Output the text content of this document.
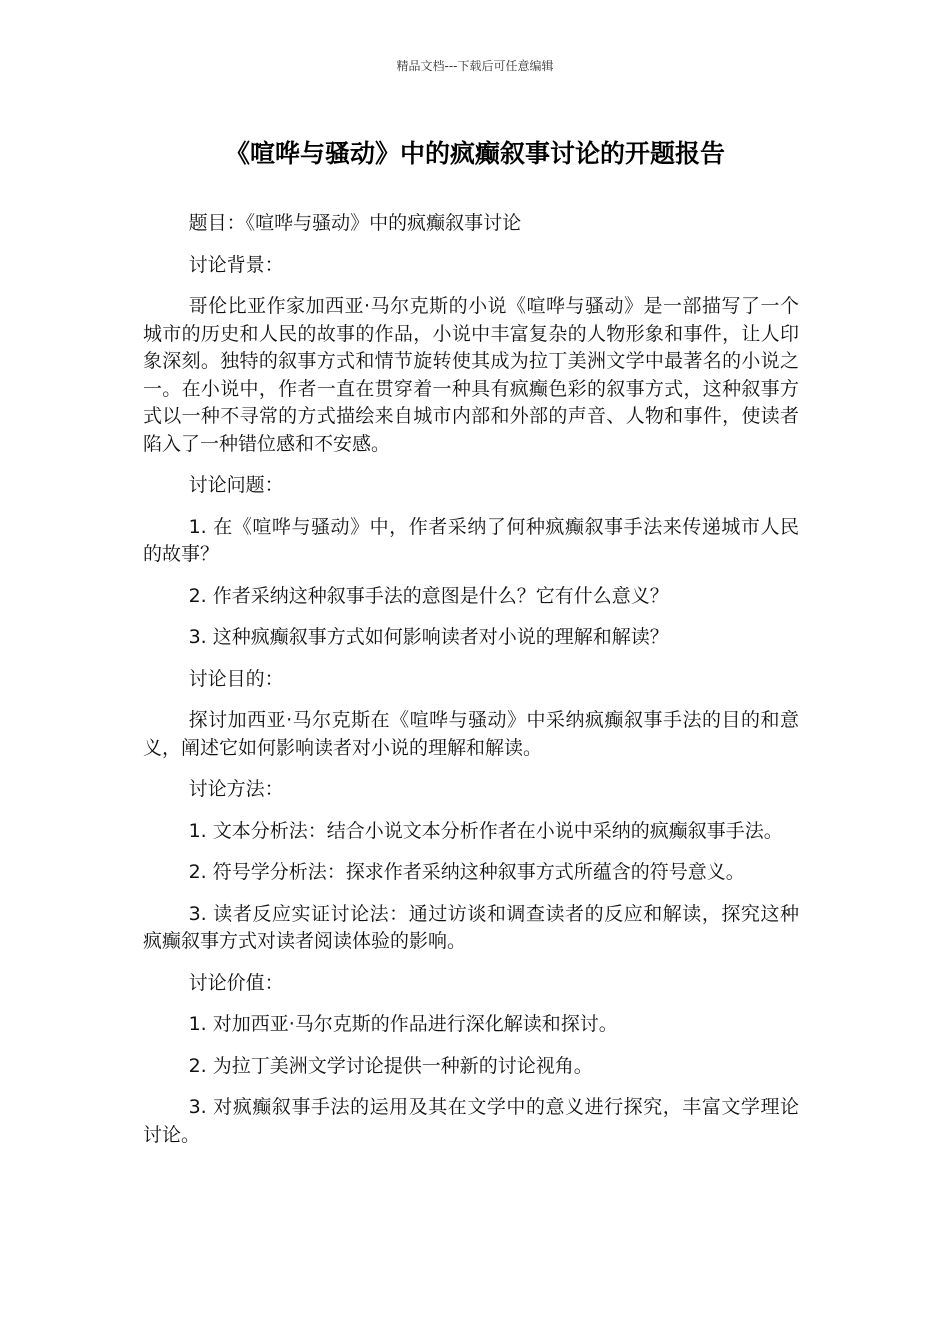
精品文档---下载后可任意编辑
《喧哗与骚动》中的疯癫叙事讨论的开题报告

题目：《喧哗与骚动》中的疯癫叙事讨论

讨论背景：

哥伦比亚作家加西亚·马尔克斯的小说《喧哗与骚动》是一部描写了一个城市的历史和人民的故事的作品，小说中丰富复杂的人物形象和事件，让人印象深刻。独特的叙事方式和情节旋转使其成为拉丁美洲文学中最著名的小说之一。在小说中，作者一直在贯穿着一种具有疯癫色彩的叙事方式，这种叙事方式以一种不寻常的方式描绘来自城市内部和外部的声音、人物和事件，使读者陷入了一种错位感和不安感。

讨论问题：

1. 在《喧哗与骚动》中，作者采纳了何种疯癫叙事手法来传递城市人民的故事？

2. 作者采纳这种叙事手法的意图是什么？它有什么意义？

3. 这种疯癫叙事方式如何影响读者对小说的理解和解读？

讨论目的：

探讨加西亚·马尔克斯在《喧哗与骚动》中采纳疯癫叙事手法的目的和意义，阐述它如何影响读者对小说的理解和解读。

讨论方法：

1. 文本分析法：结合小说文本分析作者在小说中采纳的疯癫叙事手法。

2. 符号学分析法：探求作者采纳这种叙事方式所蕴含的符号意义。

3. 读者反应实证讨论法：通过访谈和调查读者的反应和解读，探究这种疯癫叙事方式对读者阅读体验的影响。

讨论价值：

1. 对加西亚·马尔克斯的作品进行深化解读和探讨。

2. 为拉丁美洲文学讨论提供一种新的讨论视角。

3. 对疯癫叙事手法的运用及其在文学中的意义进行探究，丰富文学理论讨论。
